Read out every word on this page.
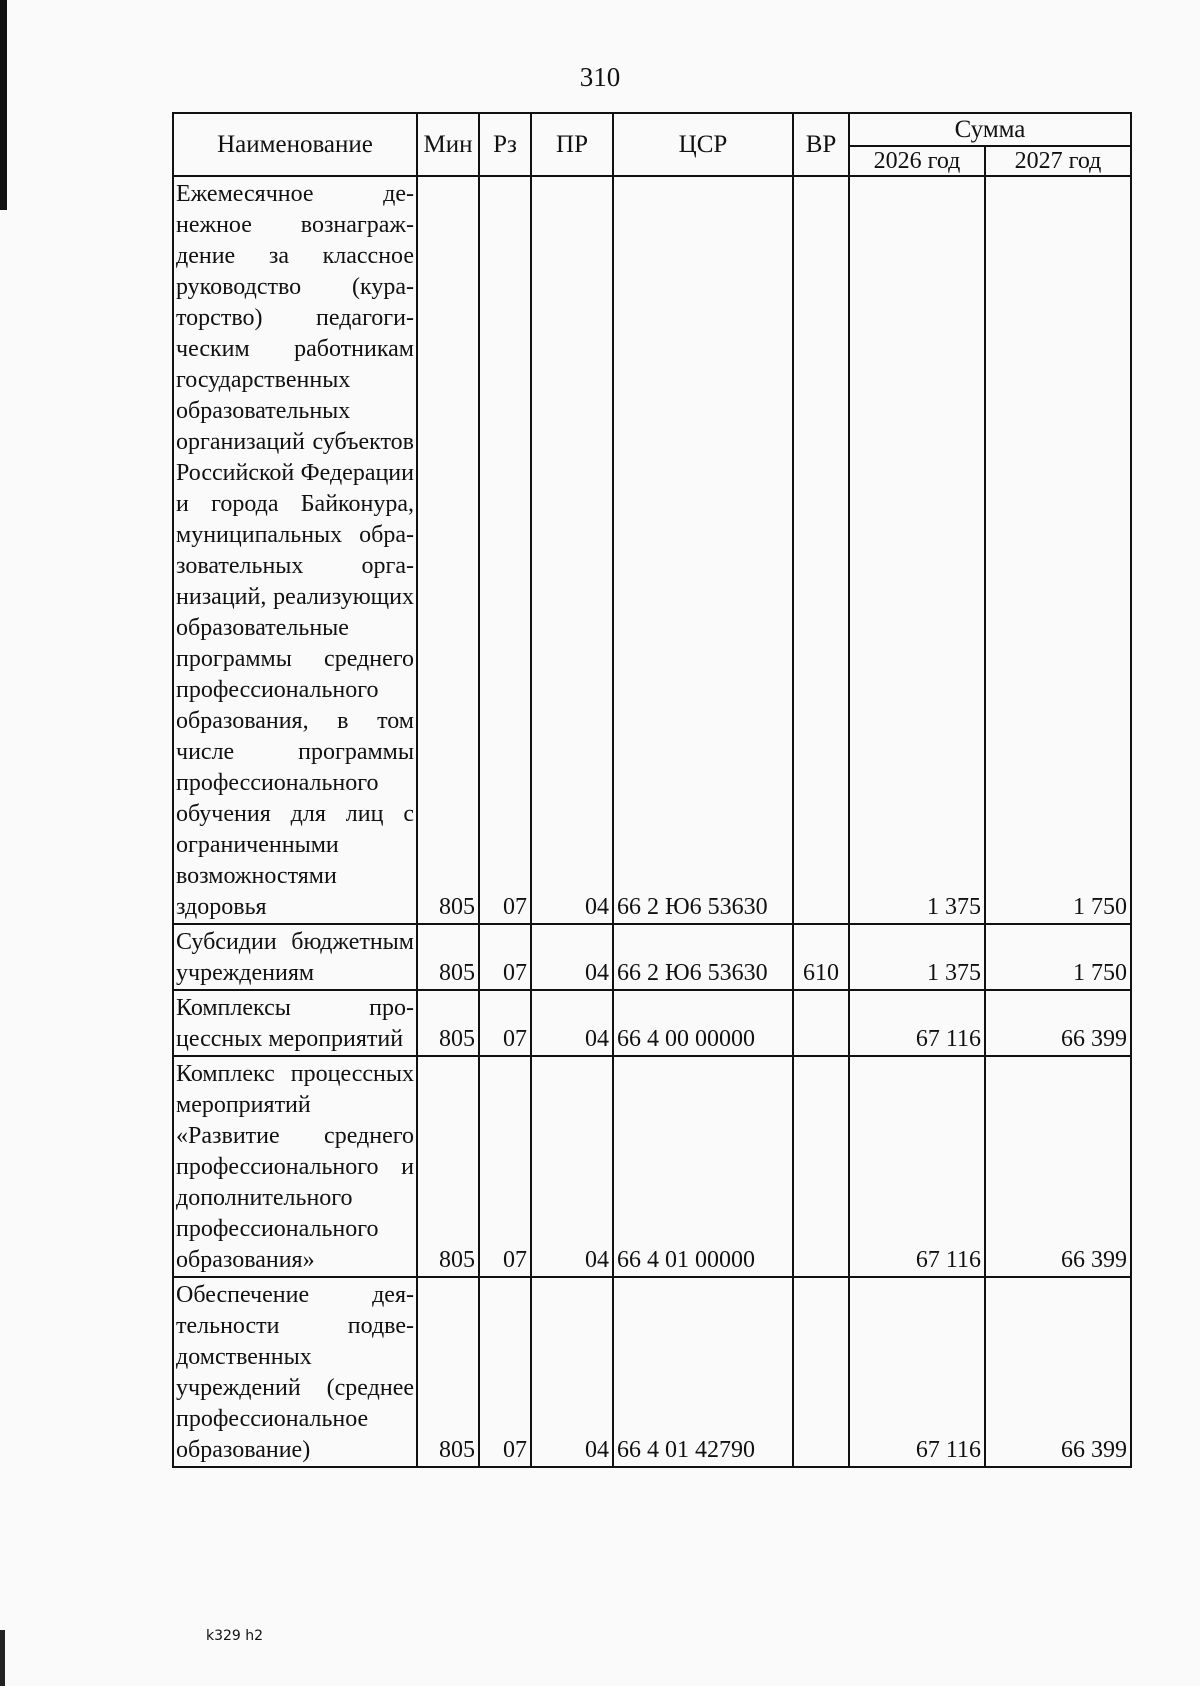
310
Наименование	Мин	Рз	ПР	ЦСР	ВР	Сумма	
						2026 год	2027 год
Ежемесячное денежное вознаграждение за классное руководство (кураторство) педагогическим работникам государственных образовательных организаций субъектов Российской Федерации и города Байконура, муниципальных образовательных организаций, реализующих образовательные программы среднего профессионального образования, в том числе программы профессионального обучения для лиц с ограниченными возможностями здоровья	805	07	04	66 2 Ю6 53630		1 375	1 750
Субсидии бюджетным учреждениям	805	07	04	66 2 Ю6 53630	610	1 375	1 750
Комплексы процессных мероприятий	805	07	04	66 4 00 00000		67 116	66 399
Комплекс процессных мероприятий «Развитие среднего профессионального и дополнительного профессионального образования»	805	07	04	66 4 01 00000		67 116	66 399
Обеспечение деятельности подведомственных учреждений (среднее профессиональное образование)	805	07	04	66 4 01 42790		67 116	66 399
k329 h2
